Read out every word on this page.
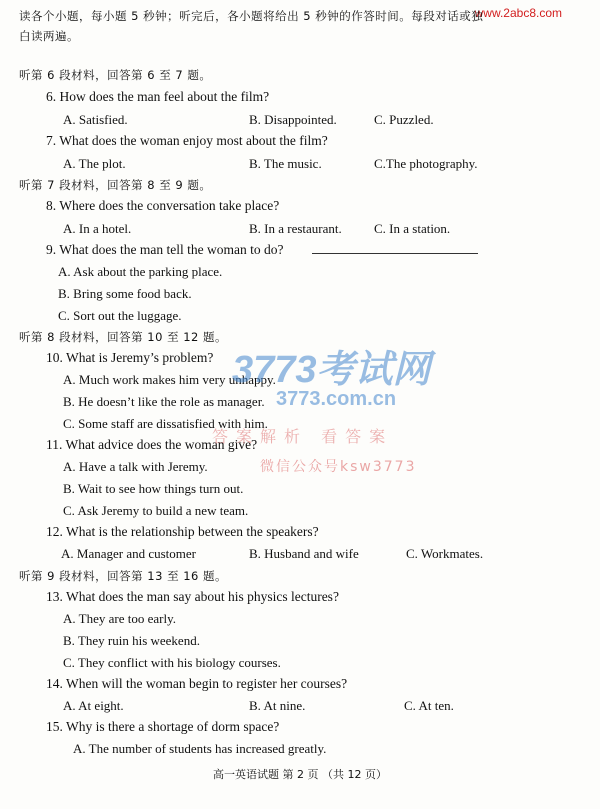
www.2abc8.com
读各个小题，每小题 5 秒钟；听完后，各小题将给出 5 秒钟的作答时间。每段对话或独
白读两遍。
听第 6 段材料，回答第 6 至 7 题。
6. How does the man feel about the film?
A. Satisfied.	B. Disappointed.	C. Puzzled.
7. What does the woman enjoy most about the film?
A. The plot.	B. The music.	C.The photography.
听第 7 段材料，回答第 8 至 9 题。
8. Where does the conversation take place?
A. In a hotel.	B. In a restaurant. C. In a station.
9. What does the man tell the woman to do?
A. Ask about the parking place.
B. Bring some food back.
C. Sort out the luggage.
听第 8 段材料，回答第 10 至 12 题。
10. What is Jeremy’s problem?
A. Much work makes him very unhappy.
B. He doesn’t like the role as manager.
C. Some staff are dissatisfied with him.
11. What advice does the woman give?
A. Have a talk with Jeremy.
B. Wait to see how things turn out.
C. Ask Jeremy to build a new team.
12. What is the relationship between the speakers?
A. Manager and customer	B. Husband and wife	C. Workmates.
听第 9 段材料，回答第 13 至 16 题。
13. What does the man say about his physics lectures?
A. They are too early.
B. They ruin his weekend.
C. They conflict with his biology courses.
14. When will the woman begin to register her courses?
A. At eight.	B. At nine.	C. At ten.
15. Why is there a shortage of dorm space?
A. The number of students has increased greatly.
3773考试网
3773.com.cn
答案解析 看答案
微信公众号ksw3773
高一英语试题 第 2 页 （共 12 页）
